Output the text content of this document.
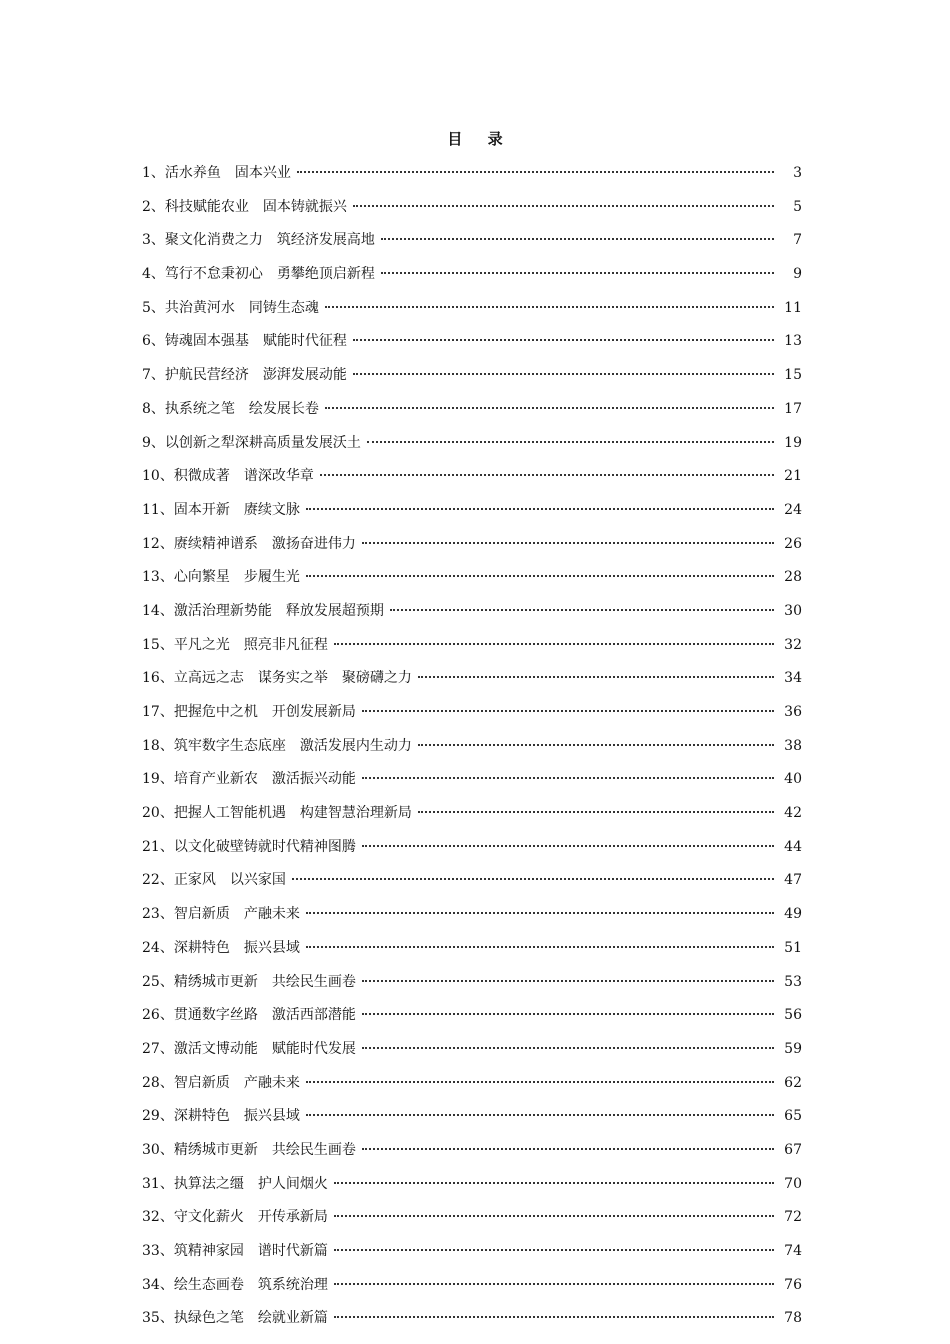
目 录
1、 活水养鱼　固本兴业	3
2、 科技赋能农业　固本铸就振兴	5
3、 聚文化消费之力　筑经济发展高地	7
4、 笃行不怠秉初心　勇攀绝顶启新程	9
5、 共治黄河水　同铸生态魂	11
6、 铸魂固本强基　赋能时代征程	13
7、 护航民营经济　澎湃发展动能	15
8、 执系统之笔　绘发展长卷	17
9、 以创新之犁深耕高质量发展沃土	19
10、 积微成著　谱深改华章	21
11、 固本开新　赓续文脉	24
12、 赓续精神谱系　激扬奋进伟力	26
13、 心向繁星　步履生光	28
14、 激活治理新势能　释放发展超预期	30
15、 平凡之光　照亮非凡征程	32
16、 立高远之志　谋务实之举　聚磅礴之力	34
17、 把握危中之机　开创发展新局	36
18、 筑牢数字生态底座　激活发展内生动力	38
19、 培育产业新农　激活振兴动能	40
20、 把握人工智能机遇　构建智慧治理新局	42
21、 以文化破壁铸就时代精神图腾	44
22、 正家风　以兴家国	47
23、 智启新质　产融未来	49
24、 深耕特色　振兴县域	51
25、 精绣城市更新　共绘民生画卷	53
26、 贯通数字丝路　激活西部潜能	56
27、 激活文博动能　赋能时代发展	59
28、 智启新质　产融未来	62
29、 深耕特色　振兴县域	65
30、 精绣城市更新　共绘民生画卷	67
31、 执算法之缰　护人间烟火	70
32、 守文化薪火　开传承新局	72
33、 筑精神家园　谱时代新篇	74
34、 绘生态画卷　筑系统治理	76
35、 执绿色之笔　绘就业新篇	78
